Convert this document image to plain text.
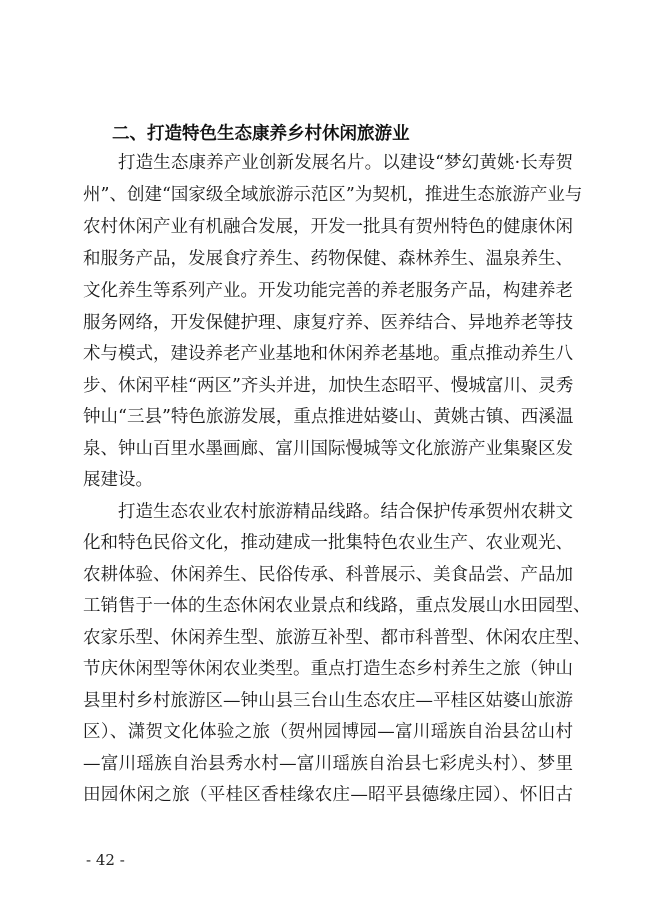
二、打造特色生态康养乡村休闲旅游业
打造生态康养产业创新发展名片。以建设“梦幻黄姚·长寿贺
州”、创建“国家级全域旅游示范区”为契机，推进生态旅游产业与
农村休闲产业有机融合发展，开发一批具有贺州特色的健康休闲
和服务产品，发展食疗养生、药物保健、森林养生、温泉养生、
文化养生等系列产业。开发功能完善的养老服务产品，构建养老
服务网络，开发保健护理、康复疗养、医养结合、异地养老等技
术与模式，建设养老产业基地和休闲养老基地。重点推动养生八
步、休闲平桂“两区”齐头并进，加快生态昭平、慢城富川、灵秀
钟山“三县”特色旅游发展，重点推进姑婆山、黄姚古镇、西溪温
泉、钟山百里水墨画廊、富川国际慢城等文化旅游产业集聚区发
展建设。
打造生态农业农村旅游精品线路。结合保护传承贺州农耕文
化和特色民俗文化，推动建成一批集特色农业生产、农业观光、
农耕体验、休闲养生、民俗传承、科普展示、美食品尝、产品加
工销售于一体的生态休闲农业景点和线路，重点发展山水田园型、
农家乐型、休闲养生型、旅游互补型、都市科普型、休闲农庄型、
节庆休闲型等休闲农业类型。重点打造生态乡村养生之旅（钟山
县里村乡村旅游区—钟山县三台山生态农庄—平桂区姑婆山旅游
区）、潇贺文化体验之旅（贺州园博园—富川瑶族自治县岔山村
—富川瑶族自治县秀水村—富川瑶族自治县七彩虎头村）、梦里
田园休闲之旅（平桂区香桂缘农庄—昭平县德缘庄园）、怀旧古
- 42 -
